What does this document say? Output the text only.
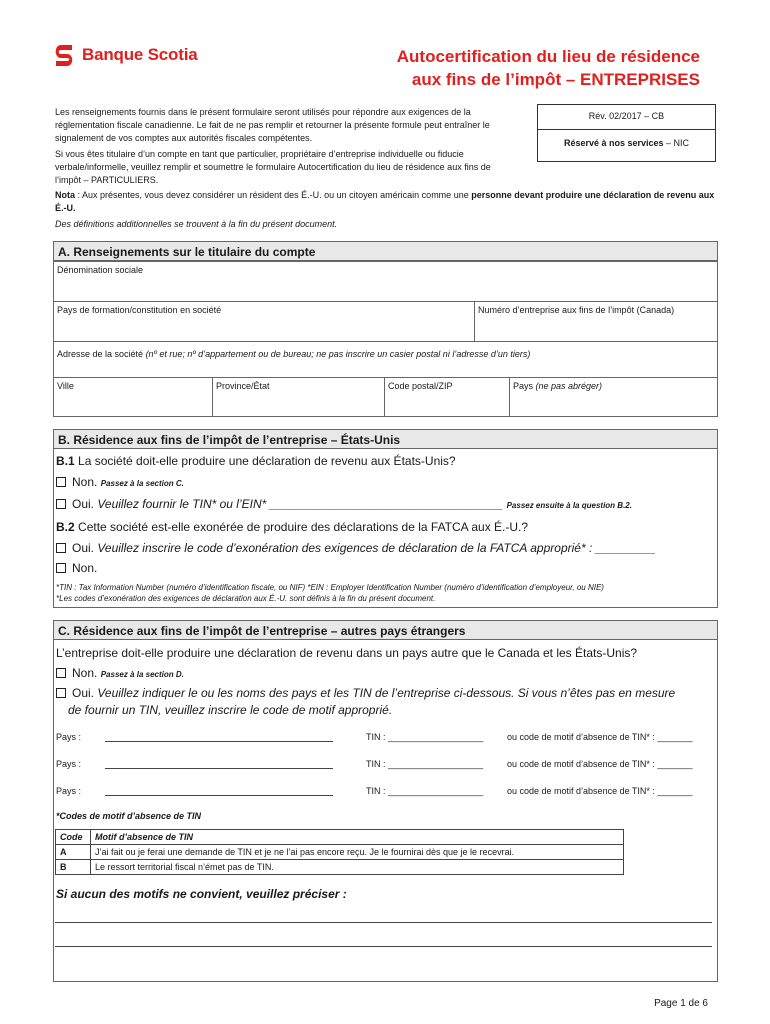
Banque Scotia	Autocertification du lieu de résidence
aux fins de l’impôt – ENTREPRISES
Les renseignements fournis dans le présent formulaire seront utilisés pour répondre aux exigences de la réglementation fiscale canadienne. Le fait de ne pas remplir et retourner la présente formule peut entraîner le signalement de vos comptes aux autorités fiscales compétentes.
Si vous êtes titulaire d’un compte en tant que particulier, propriétaire d’entreprise individuelle ou fiducie verbale/informelle, veuillez remplir et soumettre le formulaire Autocertification du lieu de résidence aux fins de l’impôt – PARTICULIERS.
Nota : Aux présentes, vous devez considérer un résident des É.-U. ou un citoyen américain comme une personne devant produire une déclaration de revenu aux É.-U.
Des définitions additionnelles se trouvent à la fin du présent document.
Rév. 02/2017 – CB
Réservé à nos services – NIC
A. Renseignements sur le titulaire du compte
Dénomination sociale
Pays de formation/constitution en société	Numéro d’entreprise aux fins de l’impôt (Canada)
Adresse de la société (nº et rue; nº d’appartement ou de bureau; ne pas inscrire un casier postal ni l’adresse d’un tiers)
Ville	Province/État	Code postal/ZIP	Pays (ne pas abréger)
B. Résidence aux fins de l’impôt de l’entreprise – États-Unis
B.1 La société doit-elle produire une déclaration de revenu aux États-Unis?
Non. Passez à la section C.
Oui. Veuillez fournir le TIN* ou l’EIN* ___________________________________ Passez ensuite à la question B.2.
B.2 Cette société est-elle exonérée de produire des déclarations de la FATCA aux É.-U.?
Oui. Veuillez inscrire le code d’exonération des exigences de déclaration de la FATCA approprié* : _________
Non.
*TIN : Tax Information Number (numéro d’identification fiscale, ou NIF) *EIN : Employer Identification Number (numéro d’identification d’employeur, ou NIE)
*Les codes d’exonération des exigences de déclaration aux É.-U. sont définis à la fin du présent document.
C. Résidence aux fins de l’impôt de l’entreprise – autres pays étrangers
L’entreprise doit-elle produire une déclaration de revenu dans un pays autre que le Canada et les États-Unis?
Non. Passez à la section D.
Oui. Veuillez indiquer le ou les noms des pays et les TIN de l’entreprise ci-dessous. Si vous n’êtes pas en mesure
de fournir un TIN, veuillez inscrire le code de motif approprié.
Pays :	TIN : ___________________	ou code de motif d’absence de TIN* : _______
Pays :	TIN : ___________________	ou code de motif d’absence de TIN* : _______
Pays :	TIN : ___________________	ou code de motif d’absence de TIN* : _______
*Codes de motif d’absence de TIN
Code	Motif d’absence de TIN
A	J’ai fait ou je ferai une demande de TIN et je ne l’ai pas encore reçu. Je le fournirai dès que je le recevrai.
B	Le ressort territorial fiscal n’émet pas de TIN.
Si aucun des motifs ne convient, veuillez préciser :
Page 1 de 6
